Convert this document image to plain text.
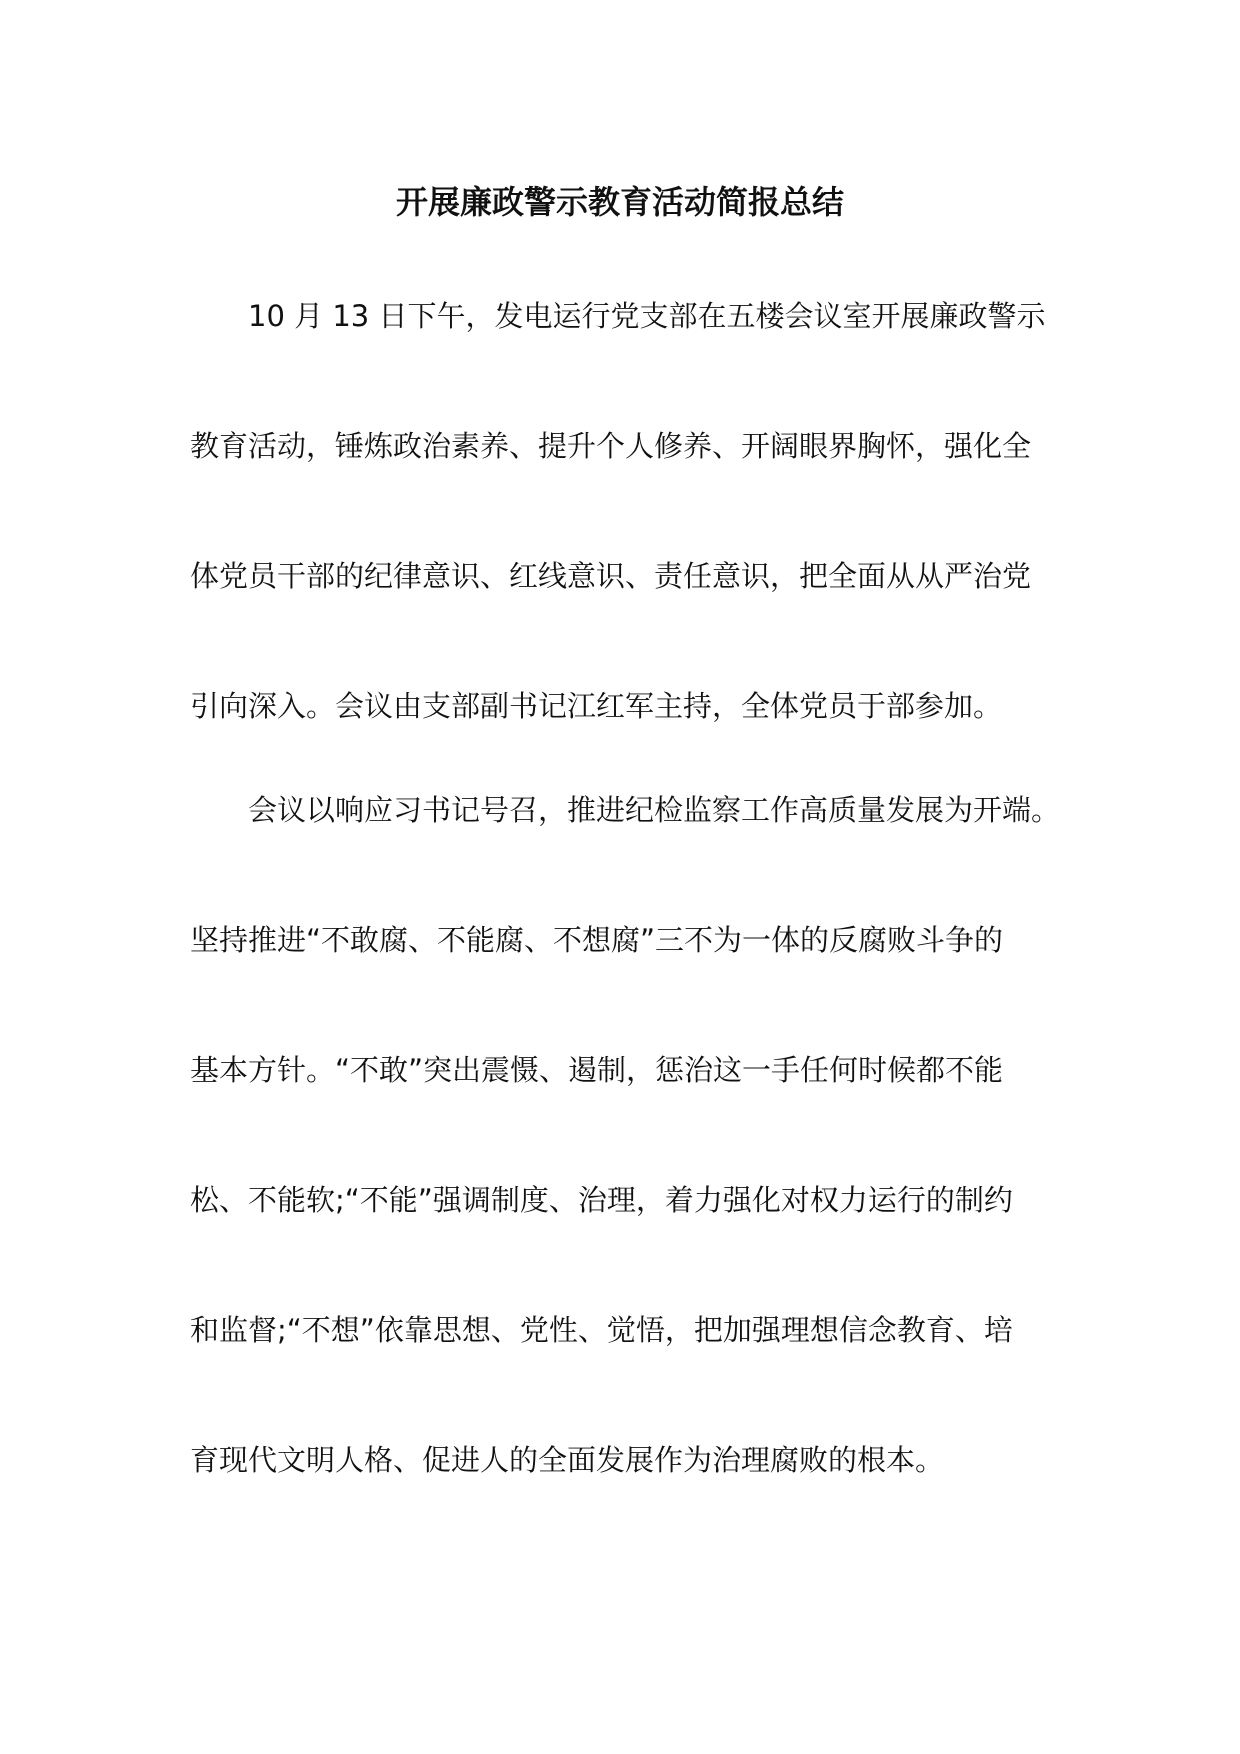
开展廉政警示教育活动简报总结
10 月 13 日下午，发电运行党支部在五楼会议室开展廉政警示
教育活动，锤炼政治素养、提升个人修养、开阔眼界胸怀，强化全
体党员干部的纪律意识、红线意识、责任意识，把全面从从严治党
引向深入。会议由支部副书记江红军主持，全体党员于部参加。
会议以响应习书记号召，推进纪检监察工作高质量发展为开端。
坚持推进“不敢腐、不能腐、不想腐”三不为一体的反腐败斗争的
基本方针。“不敢”突出震慑、遏制，惩治这一手任何时候都不能
松、不能软;“不能”强调制度、治理，着力强化对权力运行的制约
和监督;“不想”依靠思想、党性、觉悟，把加强理想信念教育、培
育现代文明人格、促进人的全面发展作为治理腐败的根本。
